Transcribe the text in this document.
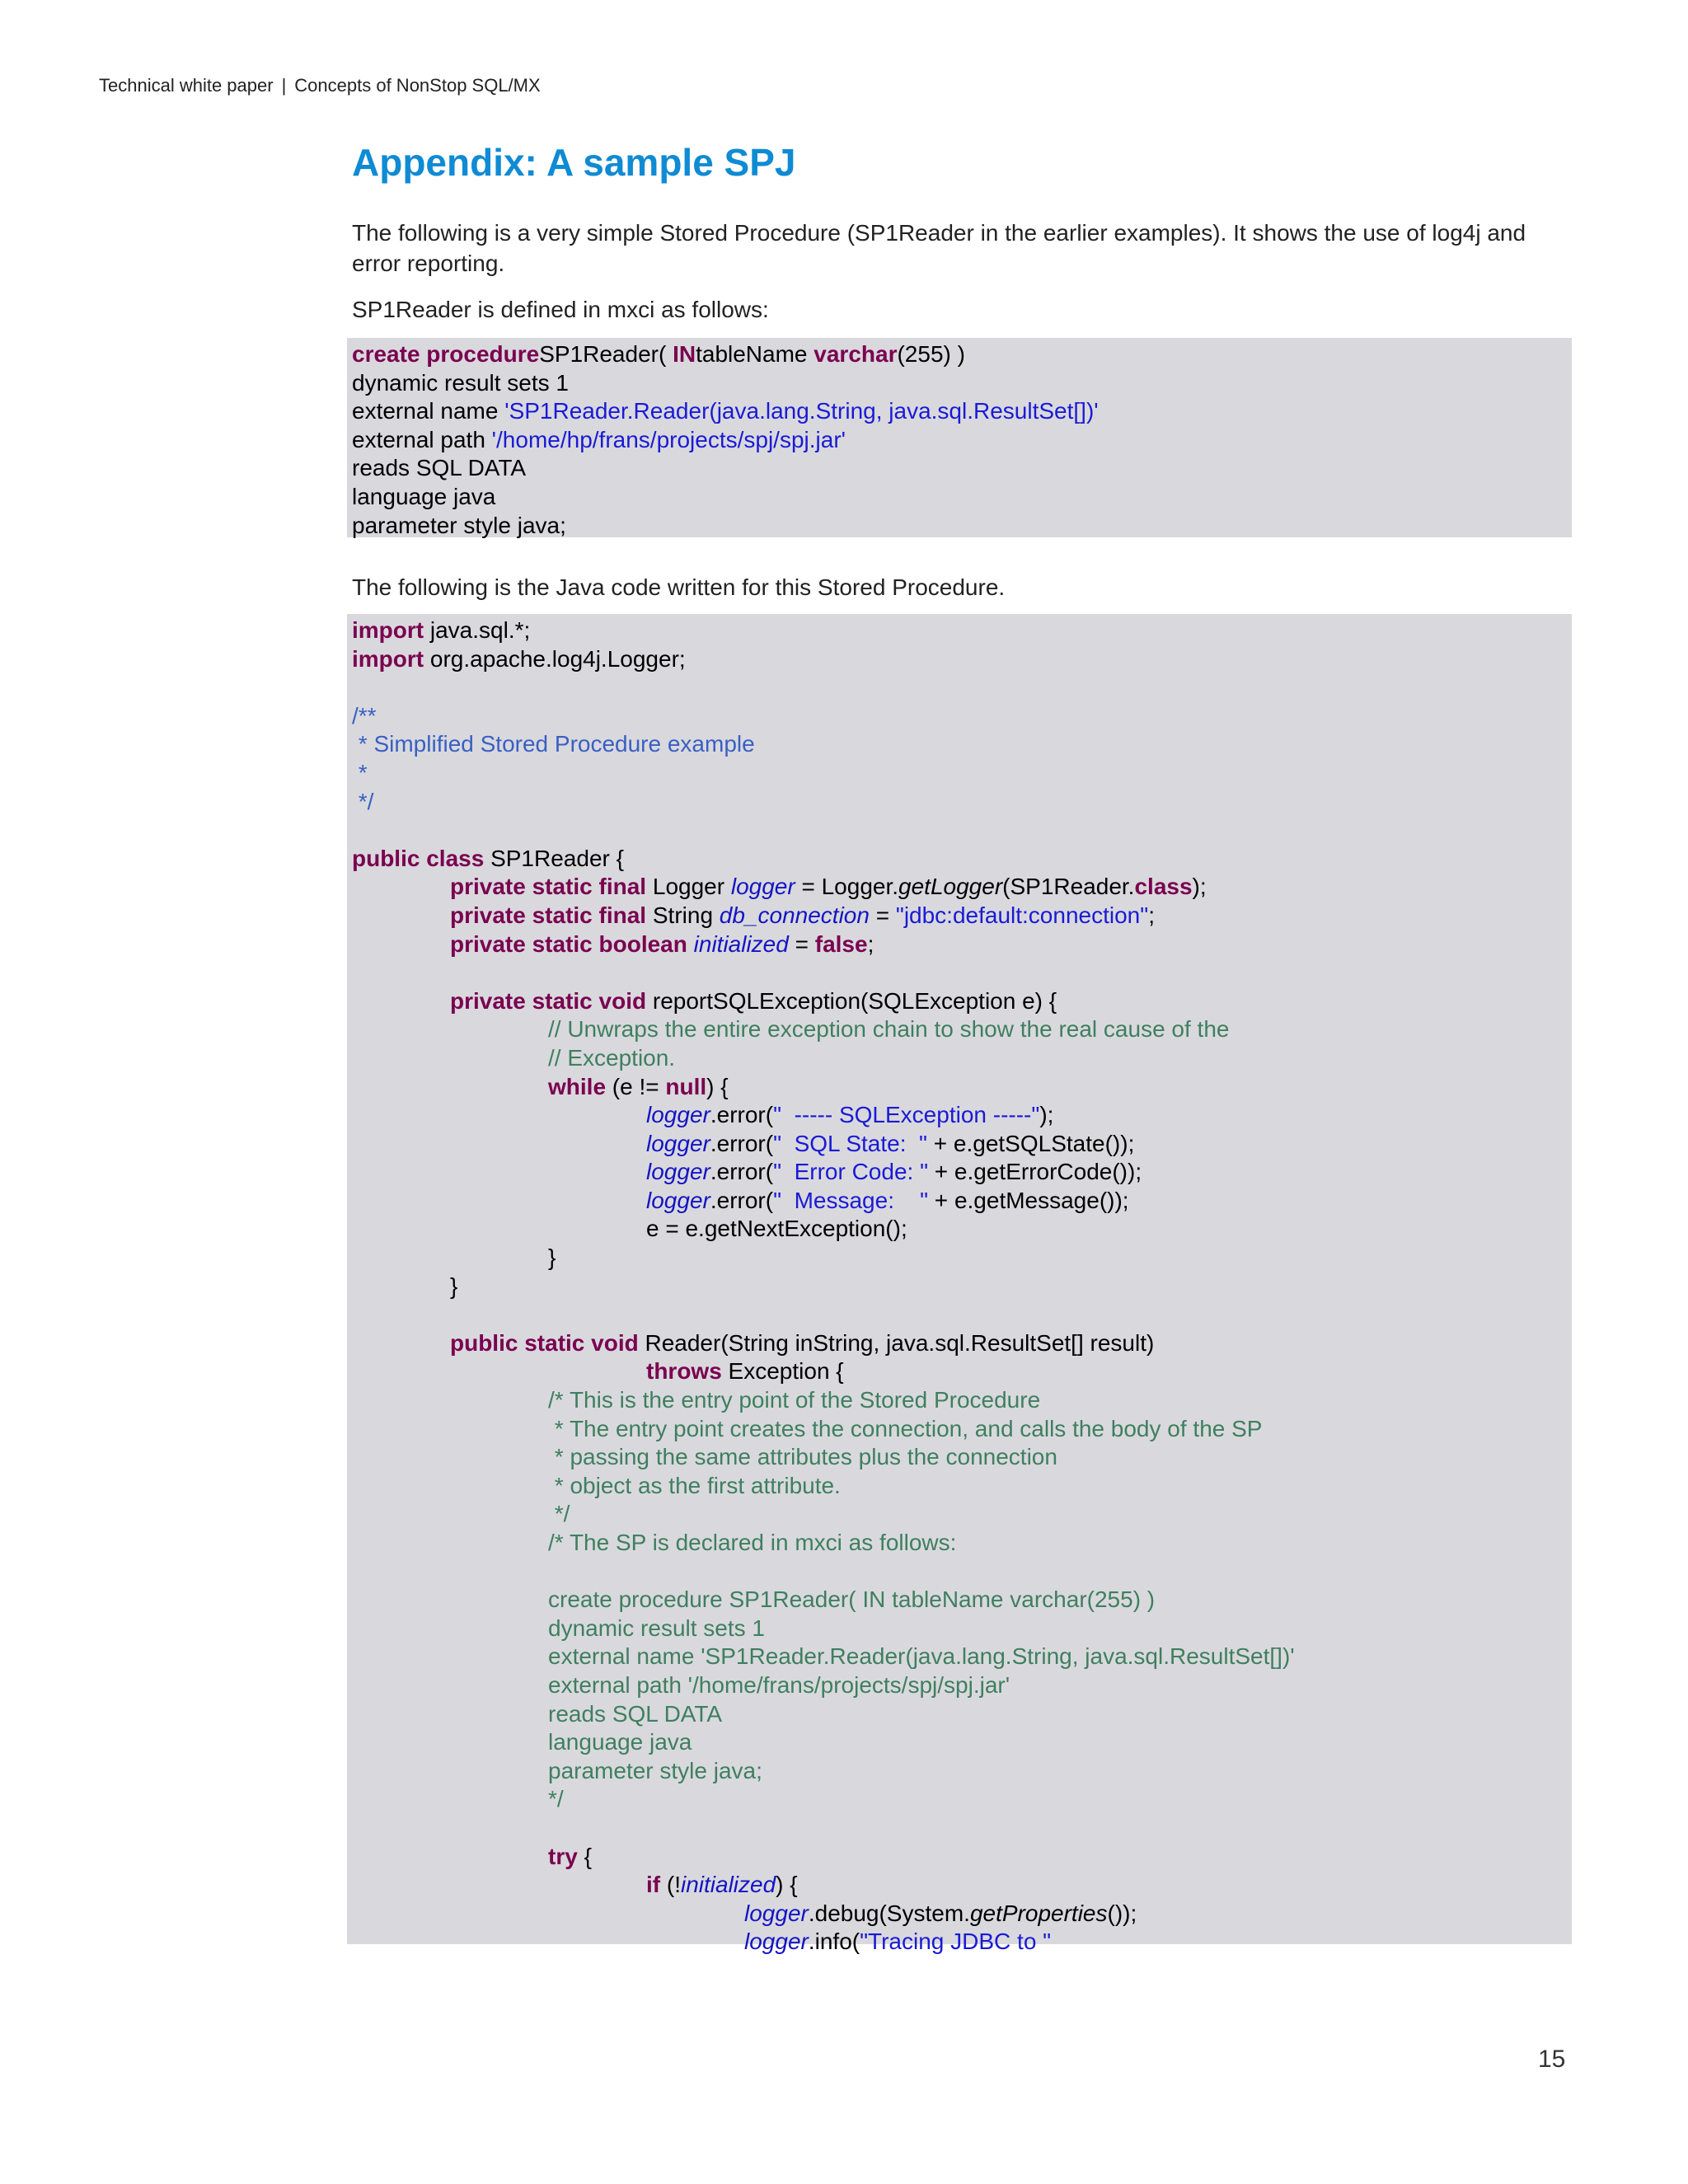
Technical white paper | Concepts of NonStop SQL/MX
Appendix: A sample SPJ

The following is a very simple Stored Procedure (SP1Reader in the earlier examples). It shows the use of log4j and error reporting.

SP1Reader is defined in mxci as follows:

create procedureSP1Reader( INtableName varchar(255) )
dynamic result sets 1
external name 'SP1Reader.Reader(java.lang.String, java.sql.ResultSet[])'
external path '/home/hp/frans/projects/spj/spj.jar'
reads SQL DATA
language java
parameter style java;

The following is the Java code written for this Stored Procedure.

import java.sql.*;
import org.apache.log4j.Logger;

/**
* Simplified Stored Procedure example
*
*/

public class SP1Reader {
	private static final Logger logger = Logger.getLogger(SP1Reader.class);
	private static final String db_connection = "jdbc:default:connection";
	private static boolean initialized = false;

	private static void reportSQLException(SQLException e) {
		// Unwraps the entire exception chain to show the real cause of the
		// Exception.
		while (e != null) {
			logger.error("  ----- SQLException -----");
			logger.error("  SQL State:  " + e.getSQLState());
			logger.error("  Error Code: " + e.getErrorCode());
			logger.error("  Message:    " + e.getMessage());
			e = e.getNextException();
		}
	}

	public static void Reader(String inString, java.sql.ResultSet[] result)
			throws Exception {
		/* This is the entry point of the Stored Procedure
		* The entry point creates the connection, and calls the body of the SP
		* passing the same attributes plus the connection
		* object as the first attribute.
		*/
		/* The SP is declared in mxci as follows:

		create procedure SP1Reader( IN tableName varchar(255) )
		dynamic result sets 1
		external name 'SP1Reader.Reader(java.lang.String, java.sql.ResultSet[])'
		external path '/home/frans/projects/spj/spj.jar'
		reads SQL DATA
		language java
		parameter style java;
		*/

		try {
			if (!initialized) {
				logger.debug(System.getProperties());
				logger.info("Tracing JDBC to "
15
